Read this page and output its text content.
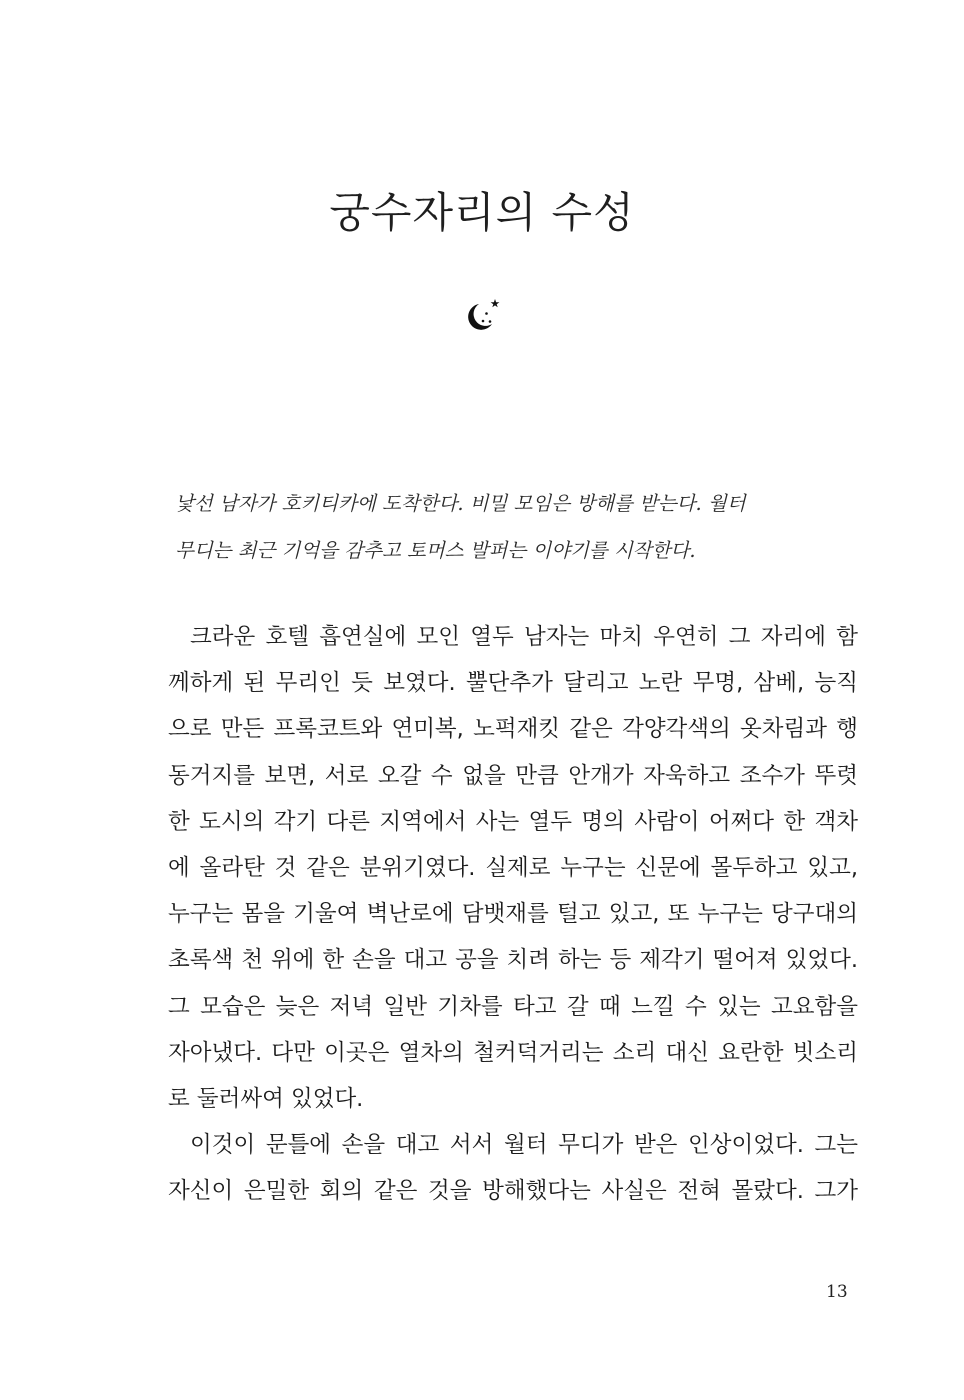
궁수자리의 수성
낯선 남자가 호키티카에 도착한다. 비밀 모임은 방해를 받는다. 월터
무디는 최근 기억을 감추고 토머스 발퍼는 이야기를 시작한다.
크라운 호텔 흡연실에 모인 열두 남자는 마치 우연히 그 자리에 함
께하게 된 무리인 듯 보였다. 뿔단추가 달리고 노란 무명, 삼베, 능직
으로 만든 프록코트와 연미복, 노퍽재킷 같은 각양각색의 옷차림과 행
동거지를 보면, 서로 오갈 수 없을 만큼 안개가 자욱하고 조수가 뚜렷
한 도시의 각기 다른 지역에서 사는 열두 명의 사람이 어쩌다 한 객차
에 올라탄 것 같은 분위기였다. 실제로 누구는 신문에 몰두하고 있고,
누구는 몸을 기울여 벽난로에 담뱃재를 털고 있고, 또 누구는 당구대의
초록색 천 위에 한 손을 대고 공을 치려 하는 등 제각기 떨어져 있었다.
그 모습은 늦은 저녁 일반 기차를 타고 갈 때 느낄 수 있는 고요함을
자아냈다. 다만 이곳은 열차의 철커덕거리는 소리 대신 요란한 빗소리
로 둘러싸여 있었다.
이것이 문틀에 손을 대고 서서 월터 무디가 받은 인상이었다. 그는
자신이 은밀한 회의 같은 것을 방해했다는 사실은 전혀 몰랐다. 그가
13
